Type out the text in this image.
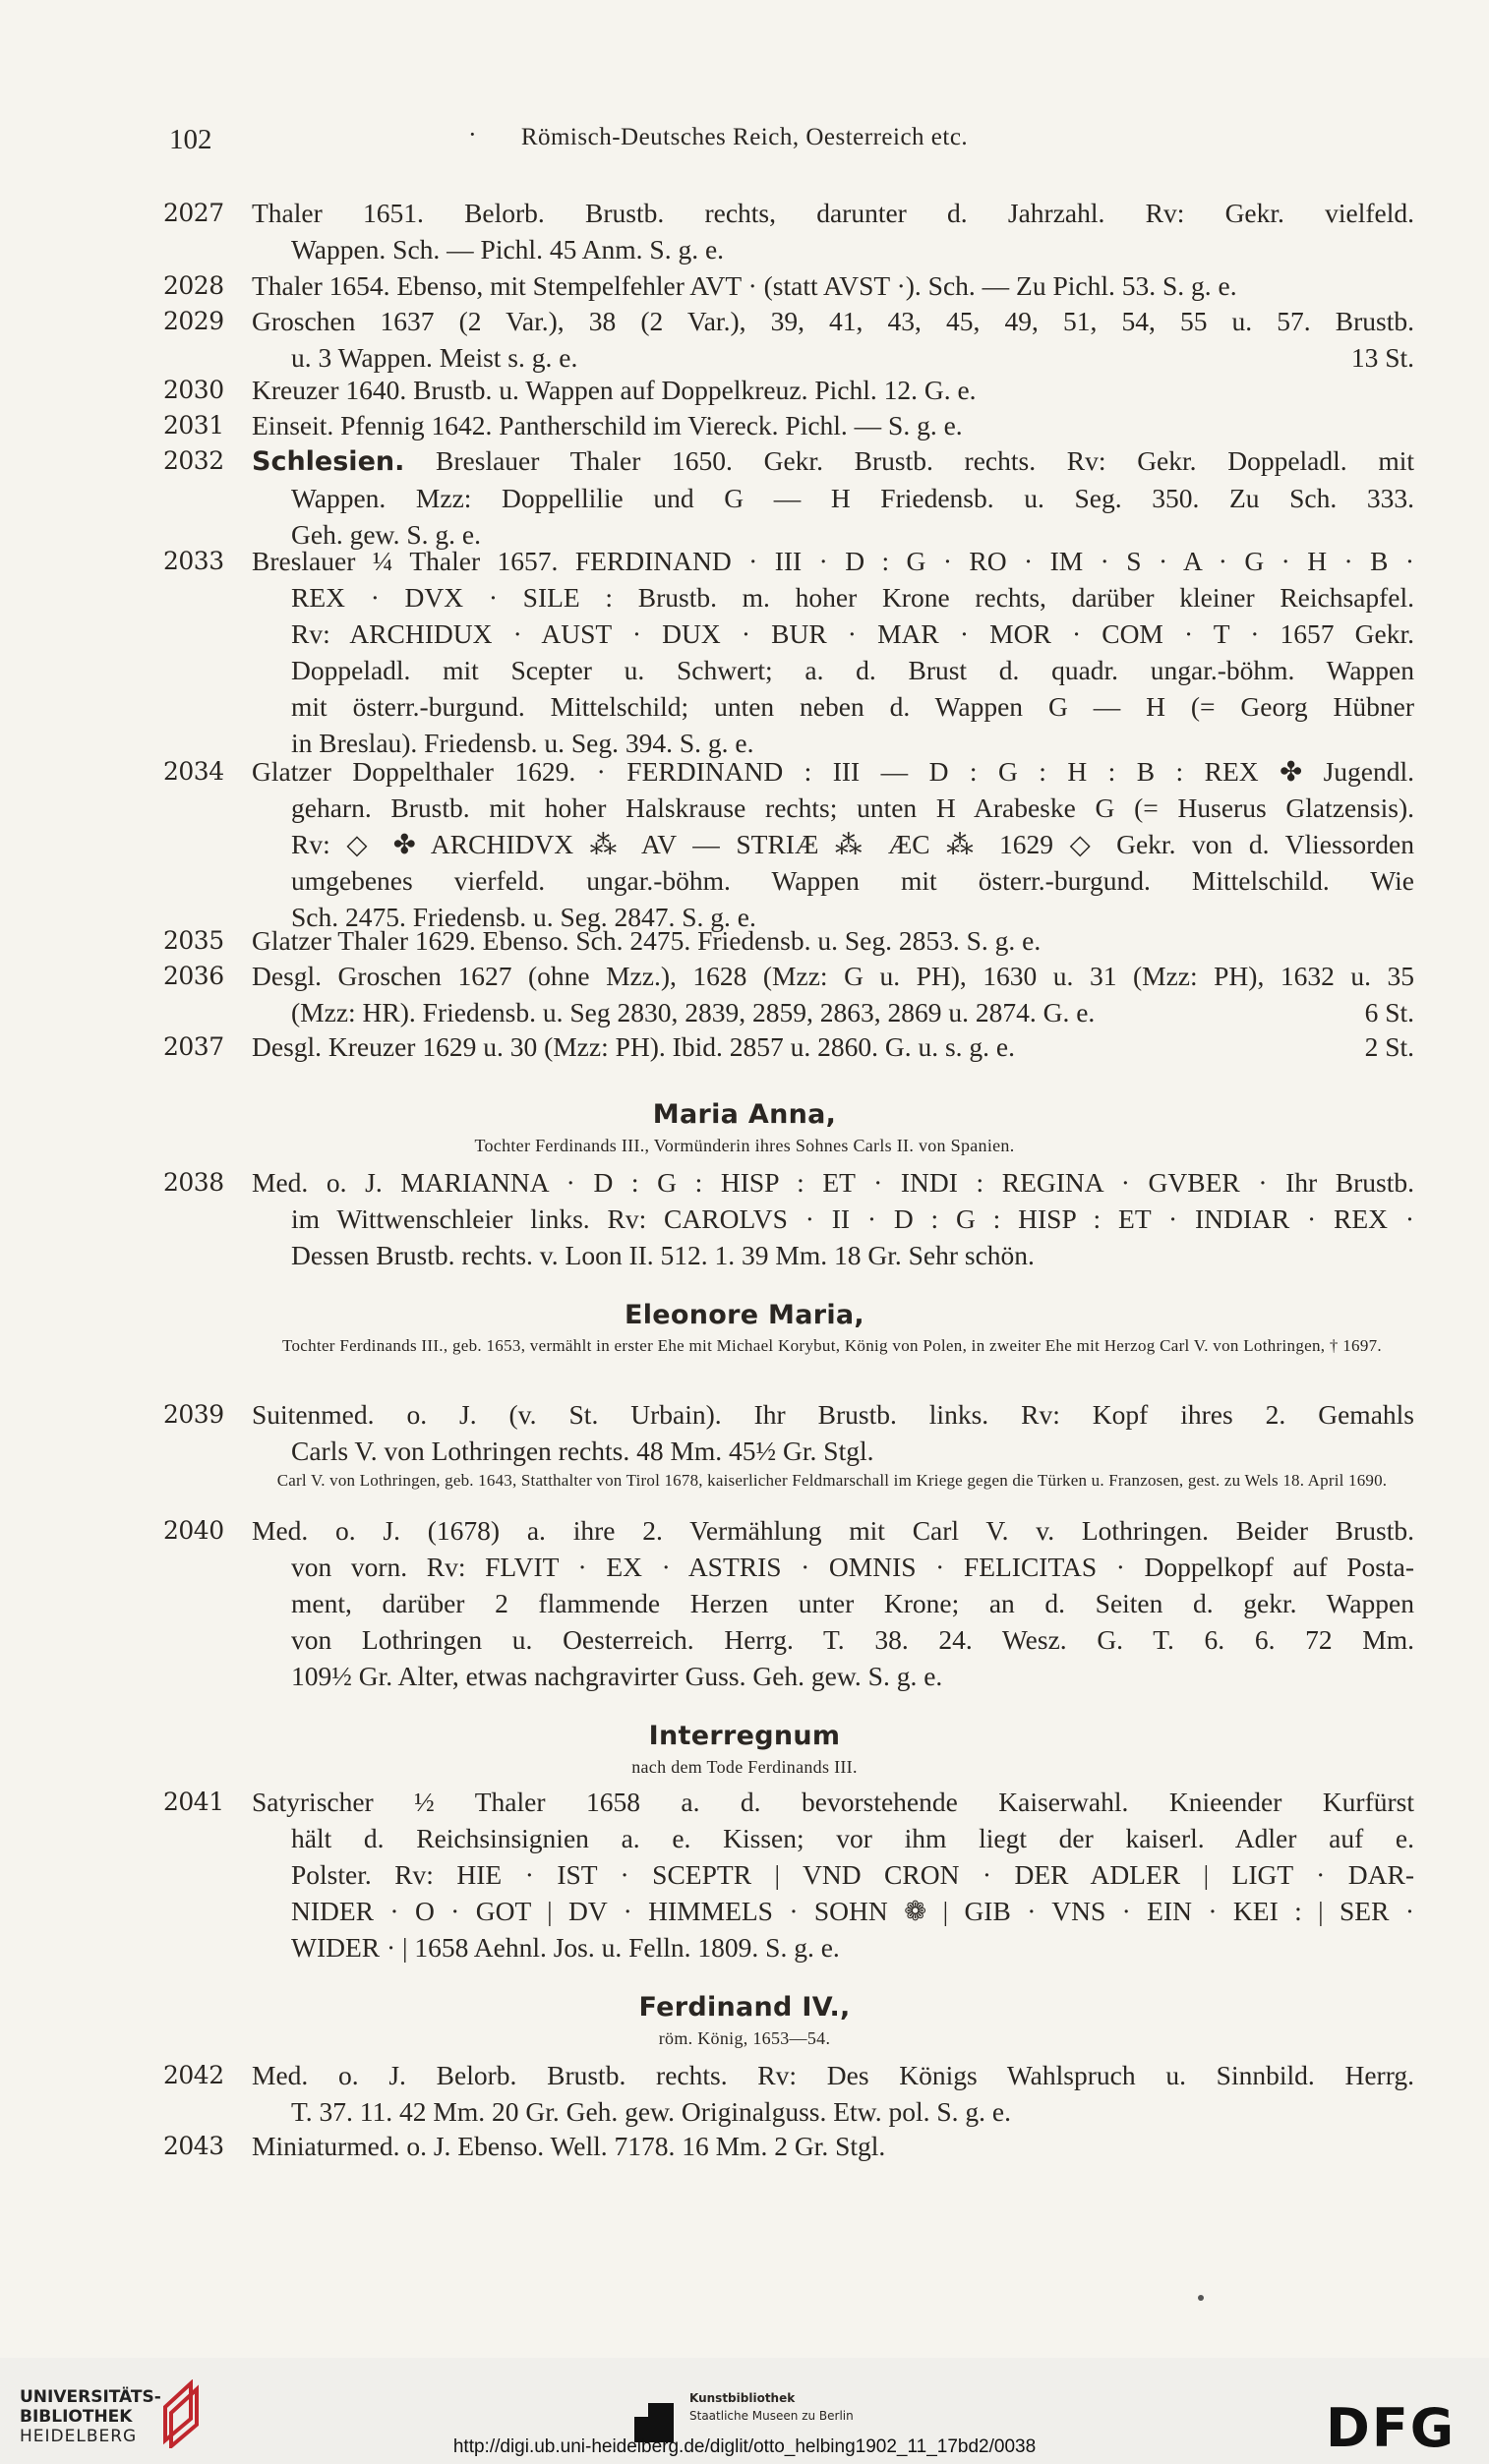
102	·	Römisch-Deutsches Reich, Oesterreich etc.
2027	Thaler 1651. Belorb. Brustb. rechts, darunter d. Jahrzahl. Rv: Gekr. vielfeld.
Wappen. Sch. — Pichl. 45 Anm. S. g. e.
2028	Thaler 1654. Ebenso, mit Stempelfehler AVT · (statt AVST ·). Sch. — Zu Pichl. 53. S. g. e.
2029	Groschen 1637 (2 Var.), 38 (2 Var.), 39, 41, 43, 45, 49, 51, 54, 55 u. 57. Brustb.
u. 3 Wappen. Meist s. g. e.	13 St.
2030	Kreuzer 1640. Brustb. u. Wappen auf Doppelkreuz. Pichl. 12. G. e.
2031	Einseit. Pfennig 1642. Pantherschild im Viereck. Pichl. — S. g. e.
2032	Schlesien. Breslauer Thaler 1650. Gekr. Brustb. rechts. Rv: Gekr. Doppeladl. mit
Wappen. Mzz: Doppellilie und G — H Friedensb. u. Seg. 350. Zu Sch. 333.
Geh. gew. S. g. e.
2033	Breslauer ¼ Thaler 1657. FERDINAND · III · D : G · RO · IM · S · A · G · H · B ·
REX · DVX · SILE : Brustb. m. hoher Krone rechts, darüber kleiner Reichsapfel.
Rv: ARCHIDUX · AUST · DUX · BUR · MAR · MOR · COM · T · 1657 Gekr.
Doppeladl. mit Scepter u. Schwert; a. d. Brust d. quadr. ungar.-böhm. Wappen
mit österr.-burgund. Mittelschild; unten neben d. Wappen G — H (= Georg Hübner
in Breslau). Friedensb. u. Seg. 394. S. g. e.
2034	Glatzer Doppelthaler 1629. · FERDINAND : III — D : G : H : B : REX ✤ Jugendl.
geharn. Brustb. mit hoher Halskrause rechts; unten H Arabeske G (= Huserus Glatzensis).
Rv: ◇ ✤ ARCHIDVX ⁂ AV — STRIÆ ⁂ ÆC ⁂ 1629 ◇ Gekr. von d. Vliessorden
umgebenes vierfeld. ungar.-böhm. Wappen mit österr.-burgund. Mittelschild. Wie
Sch. 2475. Friedensb. u. Seg. 2847. S. g. e.
2035	Glatzer Thaler 1629. Ebenso. Sch. 2475. Friedensb. u. Seg. 2853. S. g. e.
2036	Desgl. Groschen 1627 (ohne Mzz.), 1628 (Mzz: G u. PH), 1630 u. 31 (Mzz: PH), 1632 u. 35
(Mzz: HR). Friedensb. u. Seg 2830, 2839, 2859, 2863, 2869 u. 2874. G. e.	6 St.
2037	Desgl. Kreuzer 1629 u. 30 (Mzz: PH). Ibid. 2857 u. 2860. G. u. s. g. e.	2 St.
Maria Anna,
Tochter Ferdinands III., Vormünderin ihres Sohnes Carls II. von Spanien.
2038	Med. o. J. MARIANNA · D : G : HISP : ET · INDI : REGINA · GVBER · Ihr Brustb.
im Wittwenschleier links. Rv: CAROLVS · II · D : G : HISP : ET · INDIAR · REX ·
Dessen Brustb. rechts. v. Loon II. 512. 1. 39 Mm. 18 Gr. Sehr schön.
Eleonore Maria,
Tochter Ferdinands III., geb. 1653, vermählt in erster Ehe mit Michael Korybut, König von Polen, in zweiter Ehe mit Herzog Carl V. von Lothringen, † 1697.
2039	Suitenmed. o. J. (v. St. Urbain). Ihr Brustb. links. Rv: Kopf ihres 2. Gemahls
Carls V. von Lothringen rechts. 48 Mm. 45½ Gr. Stgl.
Carl V. von Lothringen, geb. 1643, Statthalter von Tirol 1678, kaiserlicher Feldmarschall im Kriege gegen die Türken u. Franzosen, gest. zu Wels 18. April 1690.
2040	Med. o. J. (1678) a. ihre 2. Vermählung mit Carl V. v. Lothringen. Beider Brustb.
von vorn. Rv: FLVIT · EX · ASTRIS · OMNIS · FELICITAS · Doppelkopf auf Posta-
ment, darüber 2 flammende Herzen unter Krone; an d. Seiten d. gekr. Wappen
von Lothringen u. Oesterreich. Herrg. T. 38. 24. Wesz. G. T. 6. 6. 72 Mm.
109½ Gr. Alter, etwas nachgravirter Guss. Geh. gew. S. g. e.
Interregnum
nach dem Tode Ferdinands III.
2041	Satyrischer ½ Thaler 1658 a. d. bevorstehende Kaiserwahl. Knieender Kurfürst
hält d. Reichsinsignien a. e. Kissen; vor ihm liegt der kaiserl. Adler auf e.
Polster. Rv: HIE · IST · SCEPTR | VND CRON · DER ADLER | LIGT · DAR-
NIDER · O · GOT | DV · HIMMELS · SOHN ❁ | GIB · VNS · EIN · KEI : | SER ·
WIDER · | 1658 Aehnl. Jos. u. Felln. 1809. S. g. e.
Ferdinand IV.,
röm. König, 1653—54.
2042	Med. o. J. Belorb. Brustb. rechts. Rv: Des Königs Wahlspruch u. Sinnbild. Herrg.
T. 37. 11. 42 Mm. 20 Gr. Geh. gew. Originalguss. Etw. pol. S. g. e.
2043	Miniaturmed. o. J. Ebenso. Well. 7178. 16 Mm. 2 Gr. Stgl.
UNIVERSITÄTS-
BIBLIOTHEK
HEIDELBERG
Kunstbibliothek
Staatliche Museen zu Berlin	DFG
http://digi.ub.uni-heidelberg.de/diglit/otto_helbing1902_11_17bd2/0038
